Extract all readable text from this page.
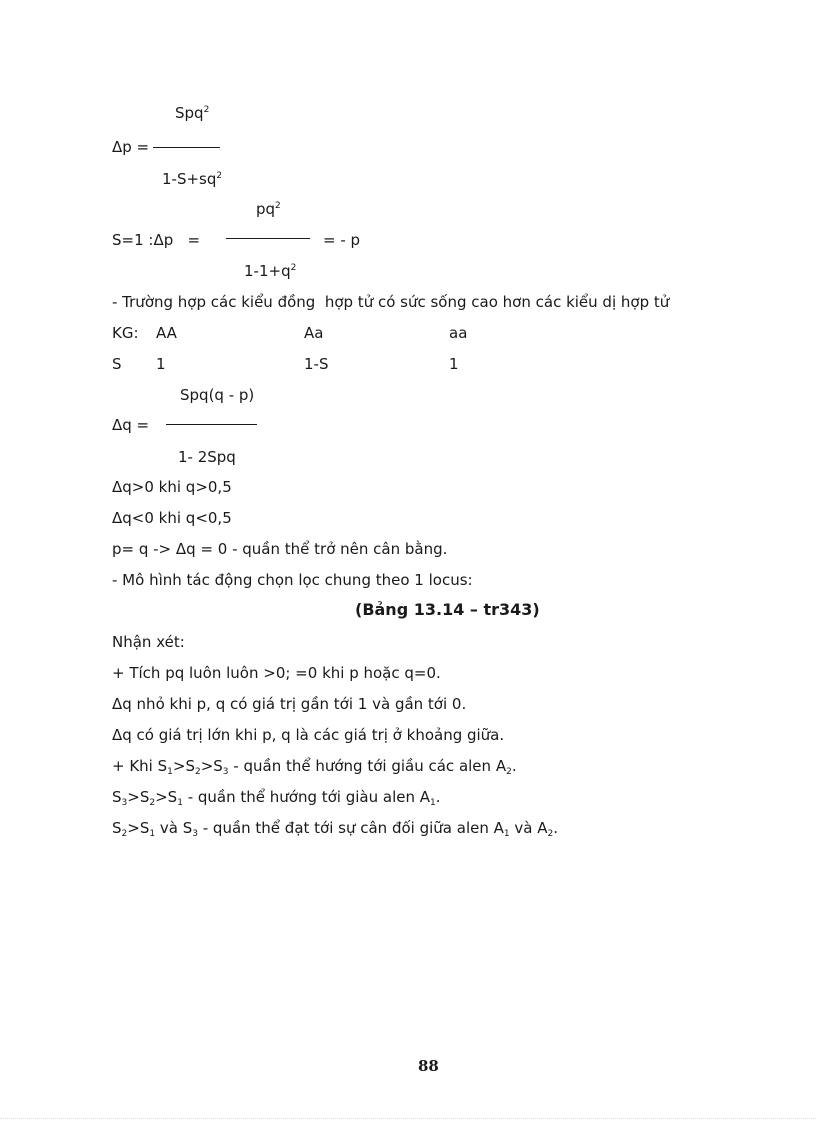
Spq$^2$
Δp =
$1-S+sq^2$
$pq^2$
S=1 :Δp   =	= - p
$1-1+q^2$
- Trường hợp các kiểu đồng  hợp tử có sức sống cao hơn các kiểu dị hợp tử
KG: AA	Aa	aa
S 1	1-S	1
Spq(q - p)
Δq =
1- 2Spq
Δq>0 khi q>0,5
Δq<0 khi q<0,5
p= q -> Δq = 0 - quần thể trở nên cân bằng.
- Mô hình tác động chọn lọc chung theo 1 locus:
(Bảng 13.14 – tr343)
Nhận xét:
+ Tích pq luôn luôn >0; =0 khi p hoặc q=0.
Δq nhỏ khi p, q có giá trị gần tới 1 và gần tới 0.
Δq có giá trị lớn khi p, q là các giá trị ở khoảng giữa.
+ Khi $S_1>S_2>S_3$ - quần thể hướng tới giầu các alen $A_2$.
$S_3>S_2>S_1$ - quần thể hướng tới giàu alen $A_1$.
$S_2>S_1$ và $S_3$ - quần thể đạt tới sự cân đối giữa alen $A_1$ và $A_2$.
88
